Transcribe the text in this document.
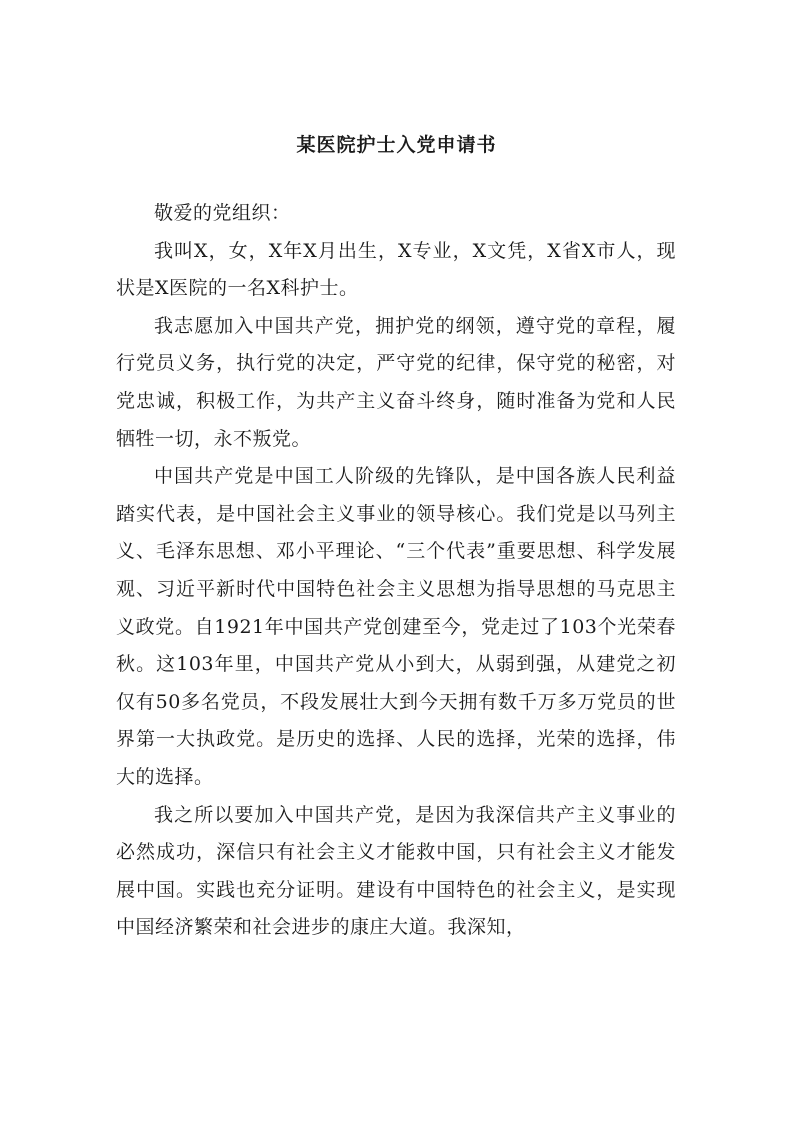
某医院护士入党申请书

敬爱的党组织：

我叫X，女，X年X月出生，X专业，X文凭，X省X市人，现状是X医院的一名X科护士。

我志愿加入中国共产党，拥护党的纲领，遵守党的章程，履行党员义务，执行党的决定，严守党的纪律，保守党的秘密，对党忠诚，积极工作，为共产主义奋斗终身，随时准备为党和人民牺牲一切，永不叛党。

中国共产党是中国工人阶级的先锋队，是中国各族人民利益踏实代表，是中国社会主义事业的领导核心。我们党是以马列主义、毛泽东思想、邓小平理论、“三个代表”重要思想、科学发展观、习近平新时代中国特色社会主义思想为指导思想的马克思主义政党。自1921年中国共产党创建至今，党走过了103个光荣春秋。这103年里，中国共产党从小到大，从弱到强，从建党之初仅有50多名党员，不段发展壮大到今天拥有数千万多万党员的世界第一大执政党。是历史的选择、人民的选择，光荣的选择，伟大的选择。

我之所以要加入中国共产党，是因为我深信共产主义事业的必然成功，深信只有社会主义才能救中国，只有社会主义才能发展中国。实践也充分证明。建设有中国特色的社会主义，是实现中国经济繁荣和社会进步的康庄大道。我深知，
